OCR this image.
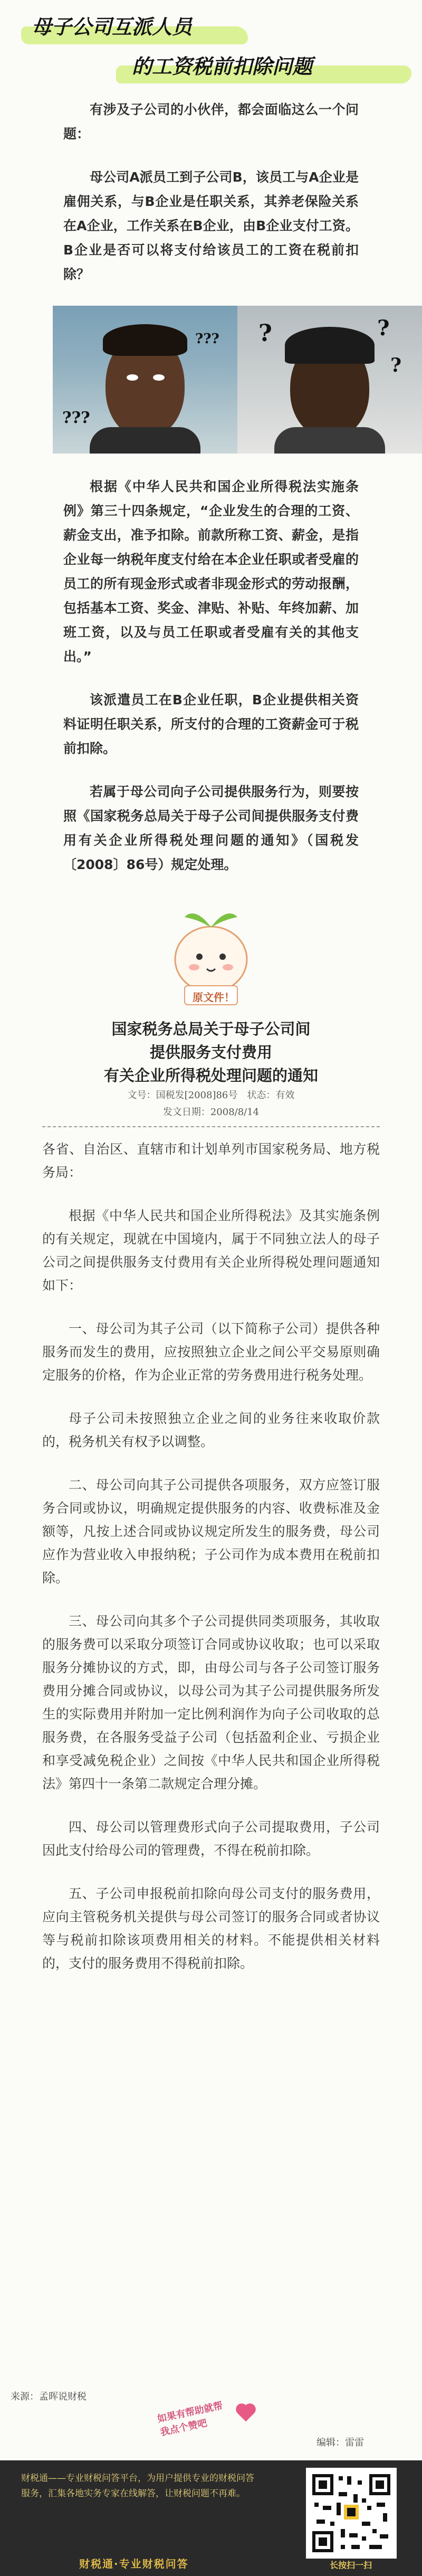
母子公司互派人员
的工资税前扣除问题

有涉及子公司的小伙伴，都会面临这么一个问题：

母公司A派员工到子公司B，该员工与A企业是雇佣关系，与B企业是任职关系，其养老保险关系在A企业，工作关系在B企业，由B企业支付工资。B企业是否可以将支付给该员工的工资在税前扣除？

???
??? ?	?
?

根据《中华人民共和国企业所得税法实施条例》第三十四条规定，“企业发生的合理的工资、薪金支出，准予扣除。前款所称工资、薪金，是指企业每一纳税年度支付给在本企业任职或者受雇的员工的所有现金形式或者非现金形式的劳动报酬，包括基本工资、奖金、津贴、补贴、年终加薪、加班工资，以及与员工任职或者受雇有关的其他支出。”

该派遣员工在B企业任职，B企业提供相关资料证明任职关系，所支付的合理的工资薪金可于税前扣除。

若属于母公司向子公司提供服务行为，则要按照《国家税务总局关于母子公司间提供服务支付费用有关企业所得税处理问题的通知》（国税发〔2008〕86号）规定处理。

原文件！
国家税务总局关于母子公司间
提供服务支付费用
有关企业所得税处理问题的通知
文号：国税发[2008]86号　状态：有效
发文日期：2008/8/14

各省、自治区、直辖市和计划单列市国家税务局、地方税务局：

根据《中华人民共和国企业所得税法》及其实施条例的有关规定，现就在中国境内，属于不同独立法人的母子公司之间提供服务支付费用有关企业所得税处理问题通知如下：

一、母公司为其子公司（以下简称子公司）提供各种服务而发生的费用，应按照独立企业之间公平交易原则确定服务的价格，作为企业正常的劳务费用进行税务处理。

母子公司未按照独立企业之间的业务往来收取价款的，税务机关有权予以调整。

二、母公司向其子公司提供各项服务，双方应签订服务合同或协议，明确规定提供服务的内容、收费标准及金额等，凡按上述合同或协议规定所发生的服务费，母公司应作为营业收入申报纳税；子公司作为成本费用在税前扣除。

三、母公司向其多个子公司提供同类项服务，其收取的服务费可以采取分项签订合同或协议收取；也可以采取服务分摊协议的方式，即，由母公司与各子公司签订服务费用分摊合同或协议，以母公司为其子公司提供服务所发生的实际费用并附加一定比例利润作为向子公司收取的总服务费，在各服务受益子公司（包括盈利企业、亏损企业和享受减免税企业）之间按《中华人民共和国企业所得税法》第四十一条第二款规定合理分摊。

四、母公司以管理费形式向子公司提取费用，子公司因此支付给母公司的管理费，不得在税前扣除。

五、子公司申报税前扣除向母公司支付的服务费用，应向主管税务机关提供与母公司签订的服务合同或者协议等与税前扣除该项费用相关的材料。不能提供相关材料的，支付的服务费用不得税前扣除。

来源：孟晖说财税
如果有帮助就帮我点个赞吧
编辑：雷雷
财税通——专业财税问答平台，为用户提供专业的财税问答服务，汇集各地实务专家在线解答，让财税问题不再难。
财税通·专业财税问答	长按扫一扫
